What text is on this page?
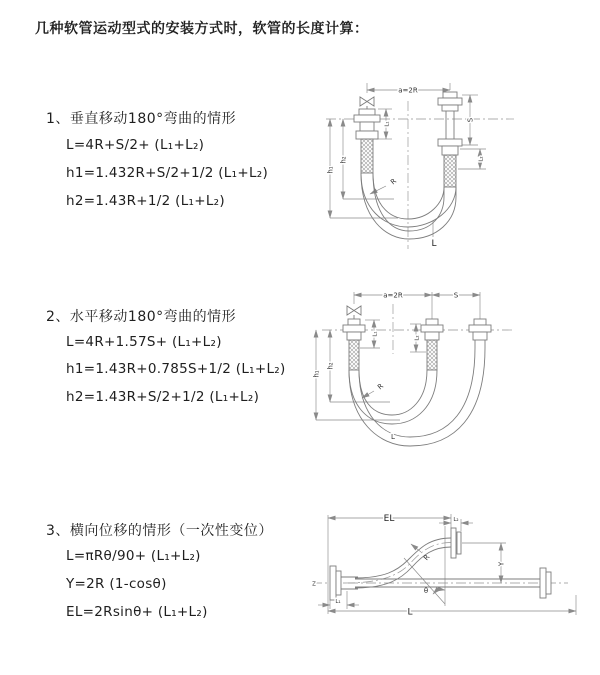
几种软管运动型式的安装方式时，软管的长度计算：
1、垂直移动180°弯曲的情形
L=4R+S/2+ (L₁+L₂)
h1=1.432R+S/2+1/2 (L₁+L₂)
h2=1.43R+1/2 (L₁+L₂)
2、水平移动180°弯曲的情形
L=4R+1.57S+ (L₁+L₂)
h1=1.43R+0.785S+1/2 (L₁+L₂)
h2=1.43R+S/2+1/2 (L₁+L₂)
3、横向位移的情形（一次性变位）
L=πRθ/90+ (L₁+L₂)
Y=2R (1-cosθ)
EL=2Rsinθ+ (L₁+L₂)
a=2R
S
L₂
L₁
h₁
h₂
R
L
a=2R	S
L₁
L₂
h₁
h₂
R
L
EL	L₂
L₁
Y
R
θ
L
Z
